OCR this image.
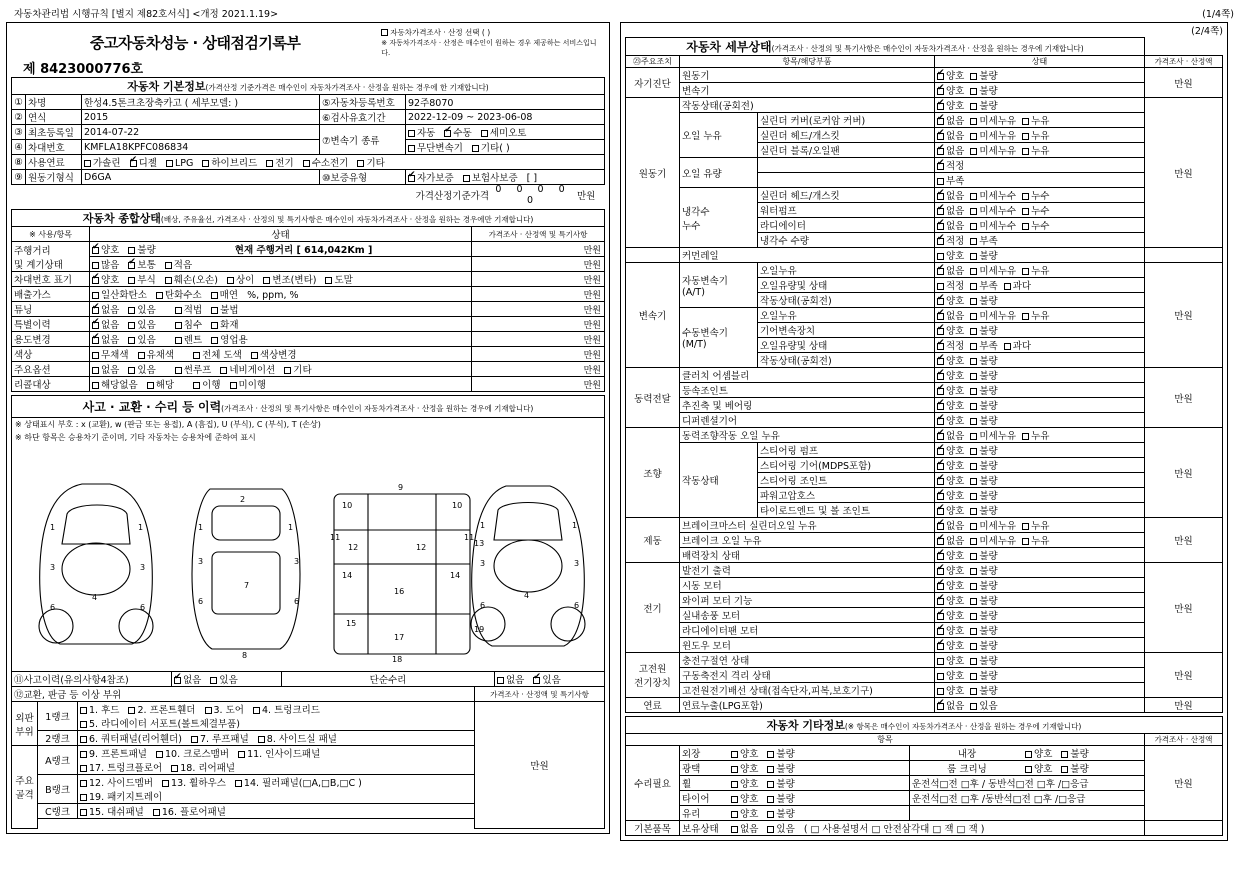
자동차관리법 시행규칙 [별지 제82호서식] <개정 2021.1.19>	(1/4쪽)
중고자동차성능 · 상태점검기록부	자동차가격조사 · 산정 선택 ( )
※ 자동차가격조사 · 산정은 매수인이 원하는 경우 제공하는 서비스입니다.

제 8423000776호	
자동차 기본정보(가격산정 기준가격은 매수인이 자동차가격조사 · 산정을 원하는 경우에 한 기재합니다)				
①	차명	한성4.5톤크초장축카고 ( 세부모델: )	⑤자동차등록번호	92주8070
②	연식	2015	⑥검사유효기간	2022-12-09 ~ 2023-06-08
③	최초등록일	2014-07-22	⑦변속기 종류	자동 ✔ 수동 세미오토
④	차대번호	KMFLA18KPFC086834		무단변속기 기타( )
⑧	사용연료	가솔린 ✔ 디젤 LPG 하이브리드 전기 수소전기 기타
⑨	원동기형식	D6GA	⑩보증유형	✔자가보증 보험사보증 [ ]
	가격산정기준가격	0 0 0 0 0	만원
자동차 종합상태(배상, 주유율선, 가격조사 · 산정의 및 특기사항은 매수인이 자동차가격조사 · 산정을 원하는 경우에만 기재합니다)		
※ 사용/항목	상태	가격조사 · 산정액 및 특기사항
주행거리
및 계기상태	✔양호 불량 현재 주행거리 [ 614,042Km ]	만원
	많음 ✔ 보통 적음	만원
차대번호 표기	✔양호 부식 훼손(오손) 상이 변조(변타) 도말	만원
배출가스	일산화탄소 탄화수소 매연 %, ppm, %	만원
튜닝	✔없음 있음 적법 불법	만원
특별이력	✔없음 있음 침수 화재	만원
용도변경	✔없음 있음 렌트 영업용	만원
색상	무채색 유채색 전체 도색 색상변경	만원
주요옵션	없음 있음 썬루프 네비게이션 기타	만원
리콜대상	해당없음 해당 이행 미이행	만원
사고 · 교환 · 수리 등 이력(가격조사 · 산정의 및 특기사항은 매수인이 자동차가격조사 · 산정을 원하는 경우에 기재합니다)
※ 상태표시 부호 : x (교환), w (판금 또는 용접), A (흠집), U (부식), C (부식), T (손상)
※ 하단 항목은 승용차기 준이며, 기타 자동차는 승용차에 준하여 표시
1	1
3	3
4
6	6
2
1	1
3	3
7
6	6
8
9
10	10
11	11
12	12	13
14	14
16
15
17
19
18
1	1
3	3
4
6	6
⑪사고이력(유의사항4참조)	✔없음 있음	단순수리	없음 ✔ 있음
⑫교환, 판금 등 이상 부위			가격조사 · 산정액 및 특기사항
외판
부위	1랭크	
1. 후드 2. 프론트휀더 3. 도어 4. 트렁크리드
5. 라디에이터 서포트(볼트체결부품)
	만원
	2랭크	6. 쿼터패널(리어휀더) 7. 루프패널 8. 사이드실 패널	
주요
골격	A랭크	
9. 프론트패널 10. 크로스맴버 11. 인사이드패널
17. 트렁크플로어 18. 리어패널

	B랭크	12. 사이드멤버 13. 휠하우스 14. 필러패널(□A,□B,□C )
19. 패키지트레이	

	C랭크	15. 대쉬패널 16. 플로어패널	

(2/4쪽)
자동차 세부상태(가격조사 · 산정의 및 특기사항은 매수인이 자동차가격조사 · 산정을 원하는 경우에 기재합니다)				
㉓주요조치	항목/해당부품		상태	가격조사 · 산정액
자기진단	원동기	✔양호 불량	만원
	변속기	✔양호 불량
원동기	작동상태(공회전)	✔양호 불량	만원
	오일 누유	실린더 커버(로커암 커버)	✔없음 미세누유 누유
		실린더 헤드/개스킷	✔없음 미세누유 누유
		실린더 블록/오일팬	✔없음 미세누유 누유
	오일 유량		✔적정
			부족	
	냉각수
누수	실린더 헤드/개스킷	✔없음 미세누수 누수
		워터펌프	✔없음 미세누수 누수
		라디에이터	✔없음 미세누수 누수
		냉각수 수량	✔적정 부족
	커먼레일		양호 불량	
변속기	자동변속기
(A/T)	오일누유	✔없음 미세누유 누유	만원
		오일유량및 상태	적정 부족 과다	
		작동상태(공회전)	✔양호 불량
	수동변속기
(M/T)	오일누유	✔없음 미세누유 누유
		기어변속장치	✔양호 불량
		오일유량및 상태	✔적정 부족 과다
		작동상태(공회전)	✔양호 불량
동력전달	클러치 어셈블리	✔양호 불량	만원
	등속조인트	✔양호 불량
	추진축 및 베어링	✔양호 불량
	디퍼렌셜기어	✔양호 불량
조향	동력조향작동 오일 누유	✔없음 미세누유 누유	만원
	작동상태	스티어링 펌프	✔양호 불량
		스티어링 기어(MDPS포함)	✔양호 불량
		스티어링 조인트	✔양호 불량
		파워고압호스	✔양호 불량
		타이로드엔드 및 볼 조인트	✔양호 불량
제동	브레이크마스터 실린더오일 누유	✔없음 미세누유 누유	만원
	브레이크 오일 누유	✔없음 미세누유 누유
	배력장치 상태	✔양호 불량
전기	발전기 출력	✔양호 불량	만원
	시동 모터	✔양호 불량
	와이퍼 모터 기능	✔양호 불량
	실내송풍 모터	✔양호 불량
	라디에이터팬 모터	✔양호 불량
	윈도우 모터	✔양호 불량
고전원
전기장치	충전구절연 상태		양호 불량	만원
	구동축전지 격리 상태		양호 불량	
	고전원전기배선 상태(접속단자,피복,보호기구)		양호 불량	
연료	연료누출(LPG포함)	✔없음 있음	만원
자동차 기타정보(※ 항목은 매수인이 자동차가격조사 · 산정을 원하는 경우에 기재합니다)			
항목			가격조사 · 산정액
수리필요	외장 양호 불량	내장 양호 불량	만원
	광택 양호 불량	룸 크리닝 양호 불량	
	휠 양호 불량	운전석□전 □후 / 동반석□전 □후 /□응급	
	타이어 양호 불량	운전석□전 □후 /동반석□전 □후 /□응급	
	유리 양호 불량		
기본품목	보유상태 없음 있음 ( □ 사용설명서 □ 안전삼각대 □ 잭 □ 잭 )		
